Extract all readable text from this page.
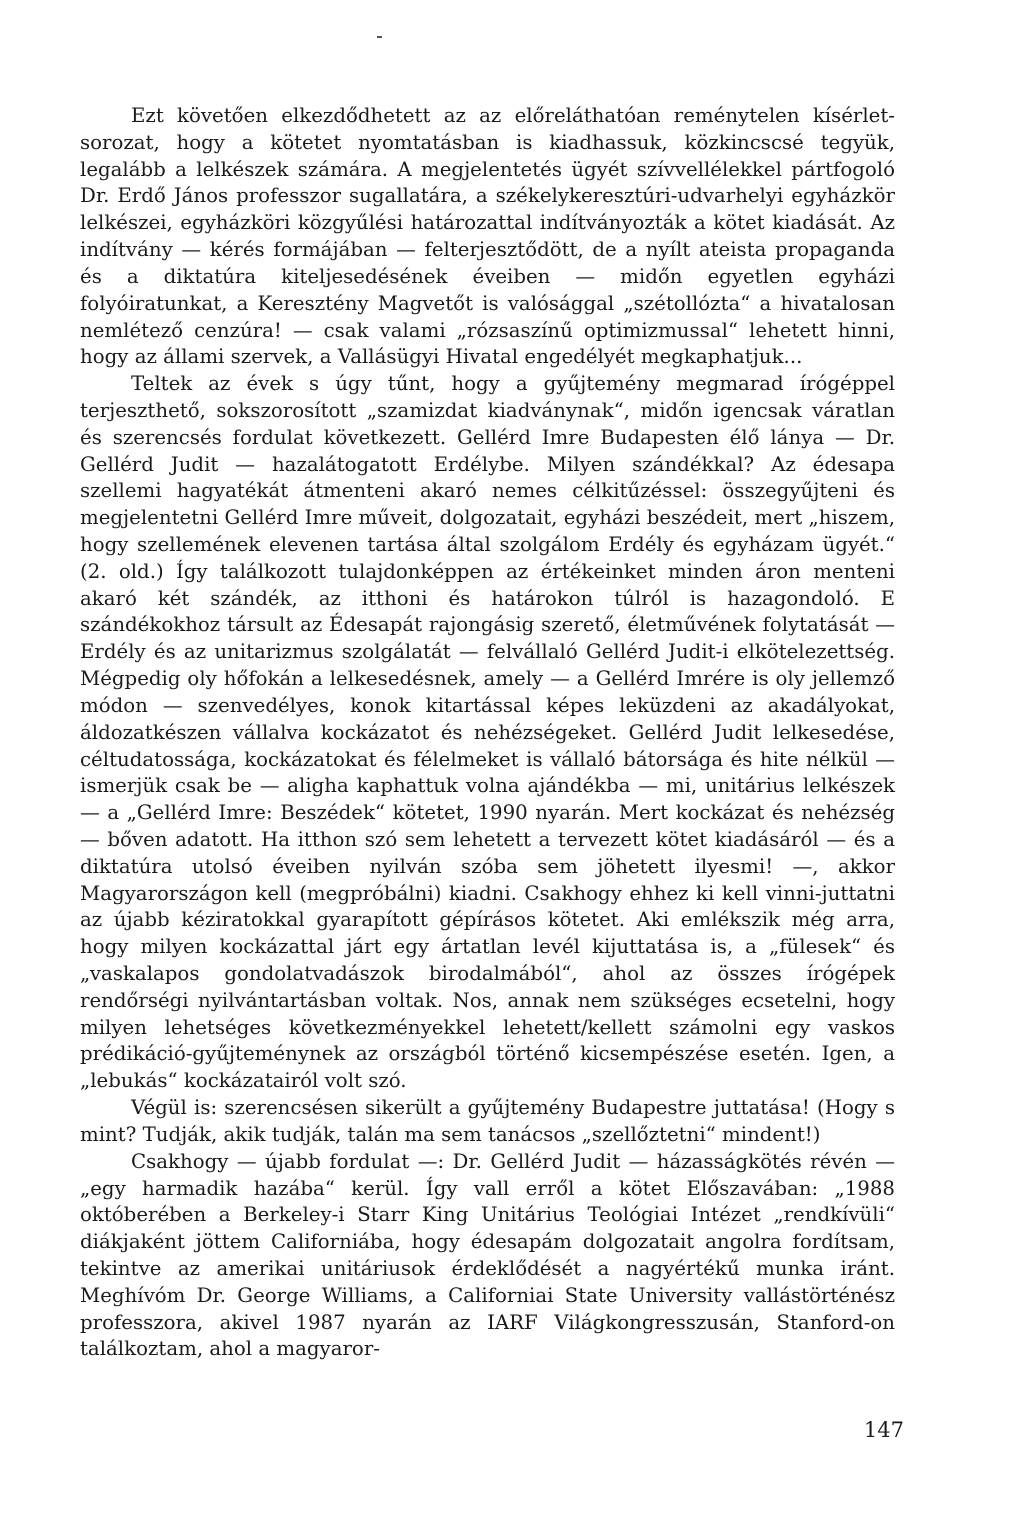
Ezt követően elkezdődhetett az az előreláthatóan reménytelen kísérlet-sorozat, hogy a kötetet nyomtatásban is kiadhassuk, közkincscsé tegyük, legalább a lelkészek számára. A megjelentetés ügyét szívvellélekkel pártfogoló Dr. Erdő János professzor sugallatára, a székelykeresztúri-udvarhelyi egyházkör lelkészei, egyházköri közgyűlési határozattal indítványozták a kötet kiadását. Az indítvány — kérés formájában — felterjesztődött, de a nyílt ateista propaganda és a diktatúra kiteljesedésének éveiben — midőn egyetlen egyházi folyóiratunkat, a Keresztény Magvetőt is valósággal „szétollózta“ a hivatalosan nemlétező cenzúra! — csak valami „rózsaszínű optimizmussal“ lehetett hinni, hogy az állami szervek, a Vallásügyi Hivatal engedélyét megkaphatjuk...

Teltek az évek s úgy tűnt, hogy a gyűjtemény megmarad írógéppel terjeszthető, sokszorosított „szamizdat kiadványnak“, midőn igencsak váratlan és szerencsés fordulat következett. Gellérd Imre Budapesten élő lánya — Dr. Gellérd Judit — hazalátogatott Erdélybe. Milyen szándékkal? Az édesapa szellemi hagyatékát átmenteni akaró nemes célkitűzéssel: összegyűjteni és megjelentetni Gellérd Imre műveit, dolgozatait, egyházi beszédeit, mert „hiszem, hogy szellemének elevenen tartása által szolgálom Erdély és egyházam ügyét.“ (2. old.) Így találkozott tulajdonképpen az értékeinket minden áron menteni akaró két szándék, az itthoni és határokon túlról is hazagondoló. E szándékokhoz társult az Édesapát rajongásig szerető, életművének folytatását — Erdély és az unitarizmus szolgálatát — felvállaló Gellérd Judit-i elkötelezettség. Mégpedig oly hőfokán a lelkesedésnek, amely — a Gellérd Imrére is oly jellemző módon — szenvedélyes, konok kitartással képes leküzdeni az akadályokat, áldozatkészen vállalva kockázatot és nehézségeket. Gellérd Judit lelkesedése, céltudatossága, kockázatokat és félelmeket is vállaló bátorsága és hite nélkül — ismerjük csak be — aligha kaphattuk volna ajándékba — mi, unitárius lelkészek — a „Gellérd Imre: Beszédek“ kötetet, 1990 nyarán. Mert kockázat és nehézség — bőven adatott. Ha itthon szó sem lehetett a tervezett kötet kiadásáról — és a diktatúra utolsó éveiben nyilván szóba sem jöhetett ilyesmi! —, akkor Magyarországon kell (megpróbálni) kiadni. Csakhogy ehhez ki kell vinni-juttatni az újabb kéziratokkal gyarapított gépírásos kötetet. Aki emlékszik még arra, hogy milyen kockázattal járt egy ártatlan levél kijuttatása is, a „fülesek“ és „vaskalapos gondolatvadászok birodalmából“, ahol az összes írógépek rendőrségi nyilvántartásban voltak. Nos, annak nem szükséges ecsetelni, hogy milyen lehetséges következményekkel lehetett/kellett számolni egy vaskos prédikáció-gyűjteménynek az országból történő kicsempészése esetén. Igen, a „lebukás“ kockázatairól volt szó.

Végül is: szerencsésen sikerült a gyűjtemény Budapestre juttatása! (Hogy s mint? Tudják, akik tudják, talán ma sem tanácsos „szellőztetni“ mindent!)

Csakhogy — újabb fordulat —: Dr. Gellérd Judit — házasságkötés révén — „egy harmadik hazába“ kerül. Így vall erről a kötet Előszavában: „1988 októberében a Berkeley-i Starr King Unitárius Teológiai Intézet „rendkívüli“ diákjaként jöttem Californiába, hogy édesapám dolgozatait angolra fordítsam, tekintve az amerikai unitáriusok érdeklődését a nagyértékű munka iránt. Meghívóm Dr. George Williams, a Californiai State University vallástörténész professzora, akivel 1987 nyarán az IARF Világkongresszusán, Stanford-on találkoztam, ahol a magyaror-

147
